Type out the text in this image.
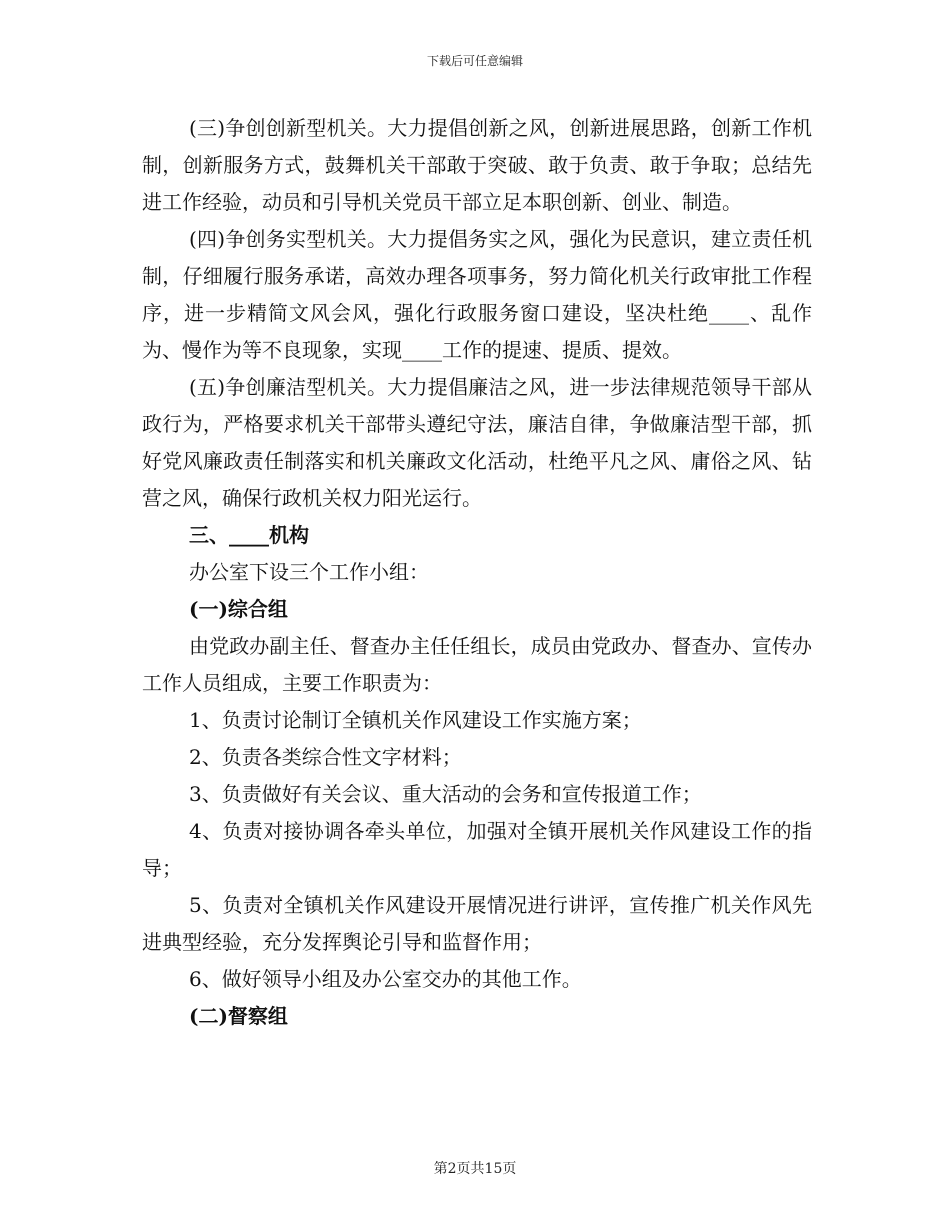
下载后可任意编辑

(三)争创创新型机关。大力提倡创新之风，创新进展思路，创新工作机制，创新服务方式，鼓舞机关干部敢于突破、敢于负责、敢于争取；总结先进工作经验，动员和引导机关党员干部立足本职创新、创业、制造。

(四)争创务实型机关。大力提倡务实之风，强化为民意识，建立责任机制，仔细履行服务承诺，高效办理各项事务，努力简化机关行政审批工作程序，进一步精简文风会风，强化行政服务窗口建设，坚决杜绝____、乱作为、慢作为等不良现象，实现____工作的提速、提质、提效。

(五)争创廉洁型机关。大力提倡廉洁之风，进一步法律规范领导干部从政行为，严格要求机关干部带头遵纪守法，廉洁自律，争做廉洁型干部，抓好党风廉政责任制落实和机关廉政文化活动，杜绝平凡之风、庸俗之风、钻营之风，确保行政机关权力阳光运行。

三、____机构

办公室下设三个工作小组：

(一)综合组

由党政办副主任、督查办主任任组长，成员由党政办、督查办、宣传办工作人员组成，主要工作职责为：

1、负责讨论制订全镇机关作风建设工作实施方案；

2、负责各类综合性文字材料；

3、负责做好有关会议、重大活动的会务和宣传报道工作；

4、负责对接协调各牵头单位，加强对全镇开展机关作风建设工作的指导；

5、负责对全镇机关作风建设开展情况进行讲评，宣传推广机关作风先进典型经验，充分发挥舆论引导和监督作用；

6、做好领导小组及办公室交办的其他工作。

(二)督察组

第2页共15页
